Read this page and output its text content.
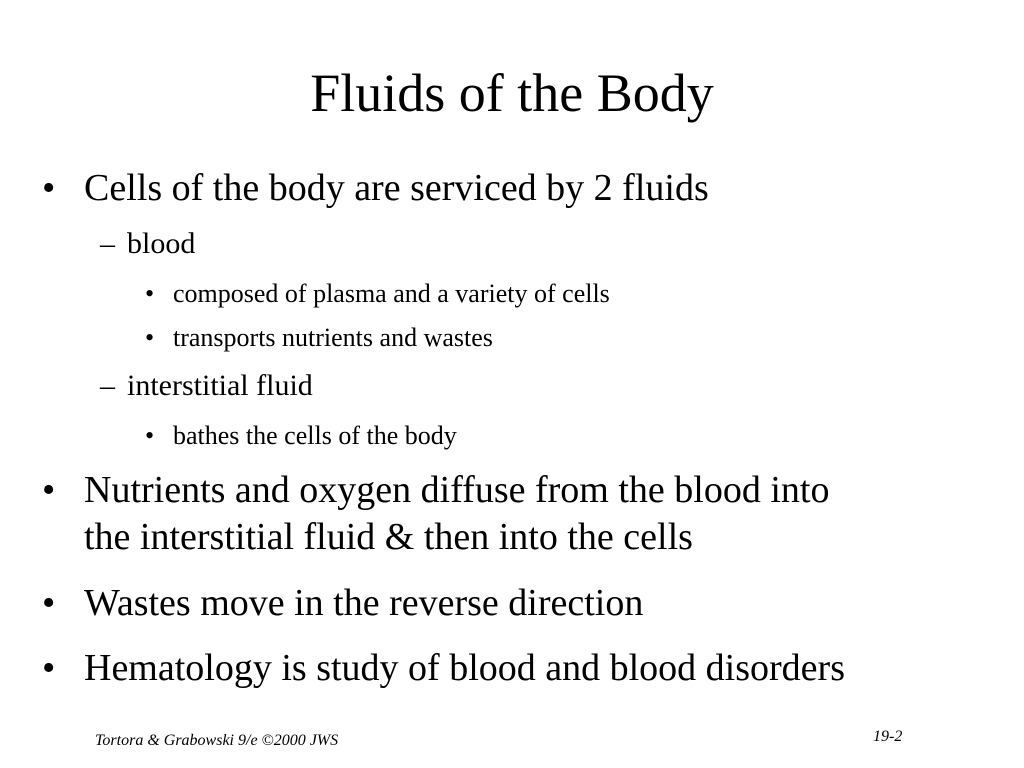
Fluids of the Body
• Cells of the body are serviced by 2 fluids
– blood
• composed of plasma and a variety of cells
• transports nutrients and wastes
– interstitial fluid
• bathes the cells of the body
• Nutrients and oxygen diffuse from the blood into
the interstitial fluid & then into the cells
• Wastes move in the reverse direction
• Hematology is study of blood and blood disorders
Tortora & Grabowski 9/e ©2000 JWS	19-2
